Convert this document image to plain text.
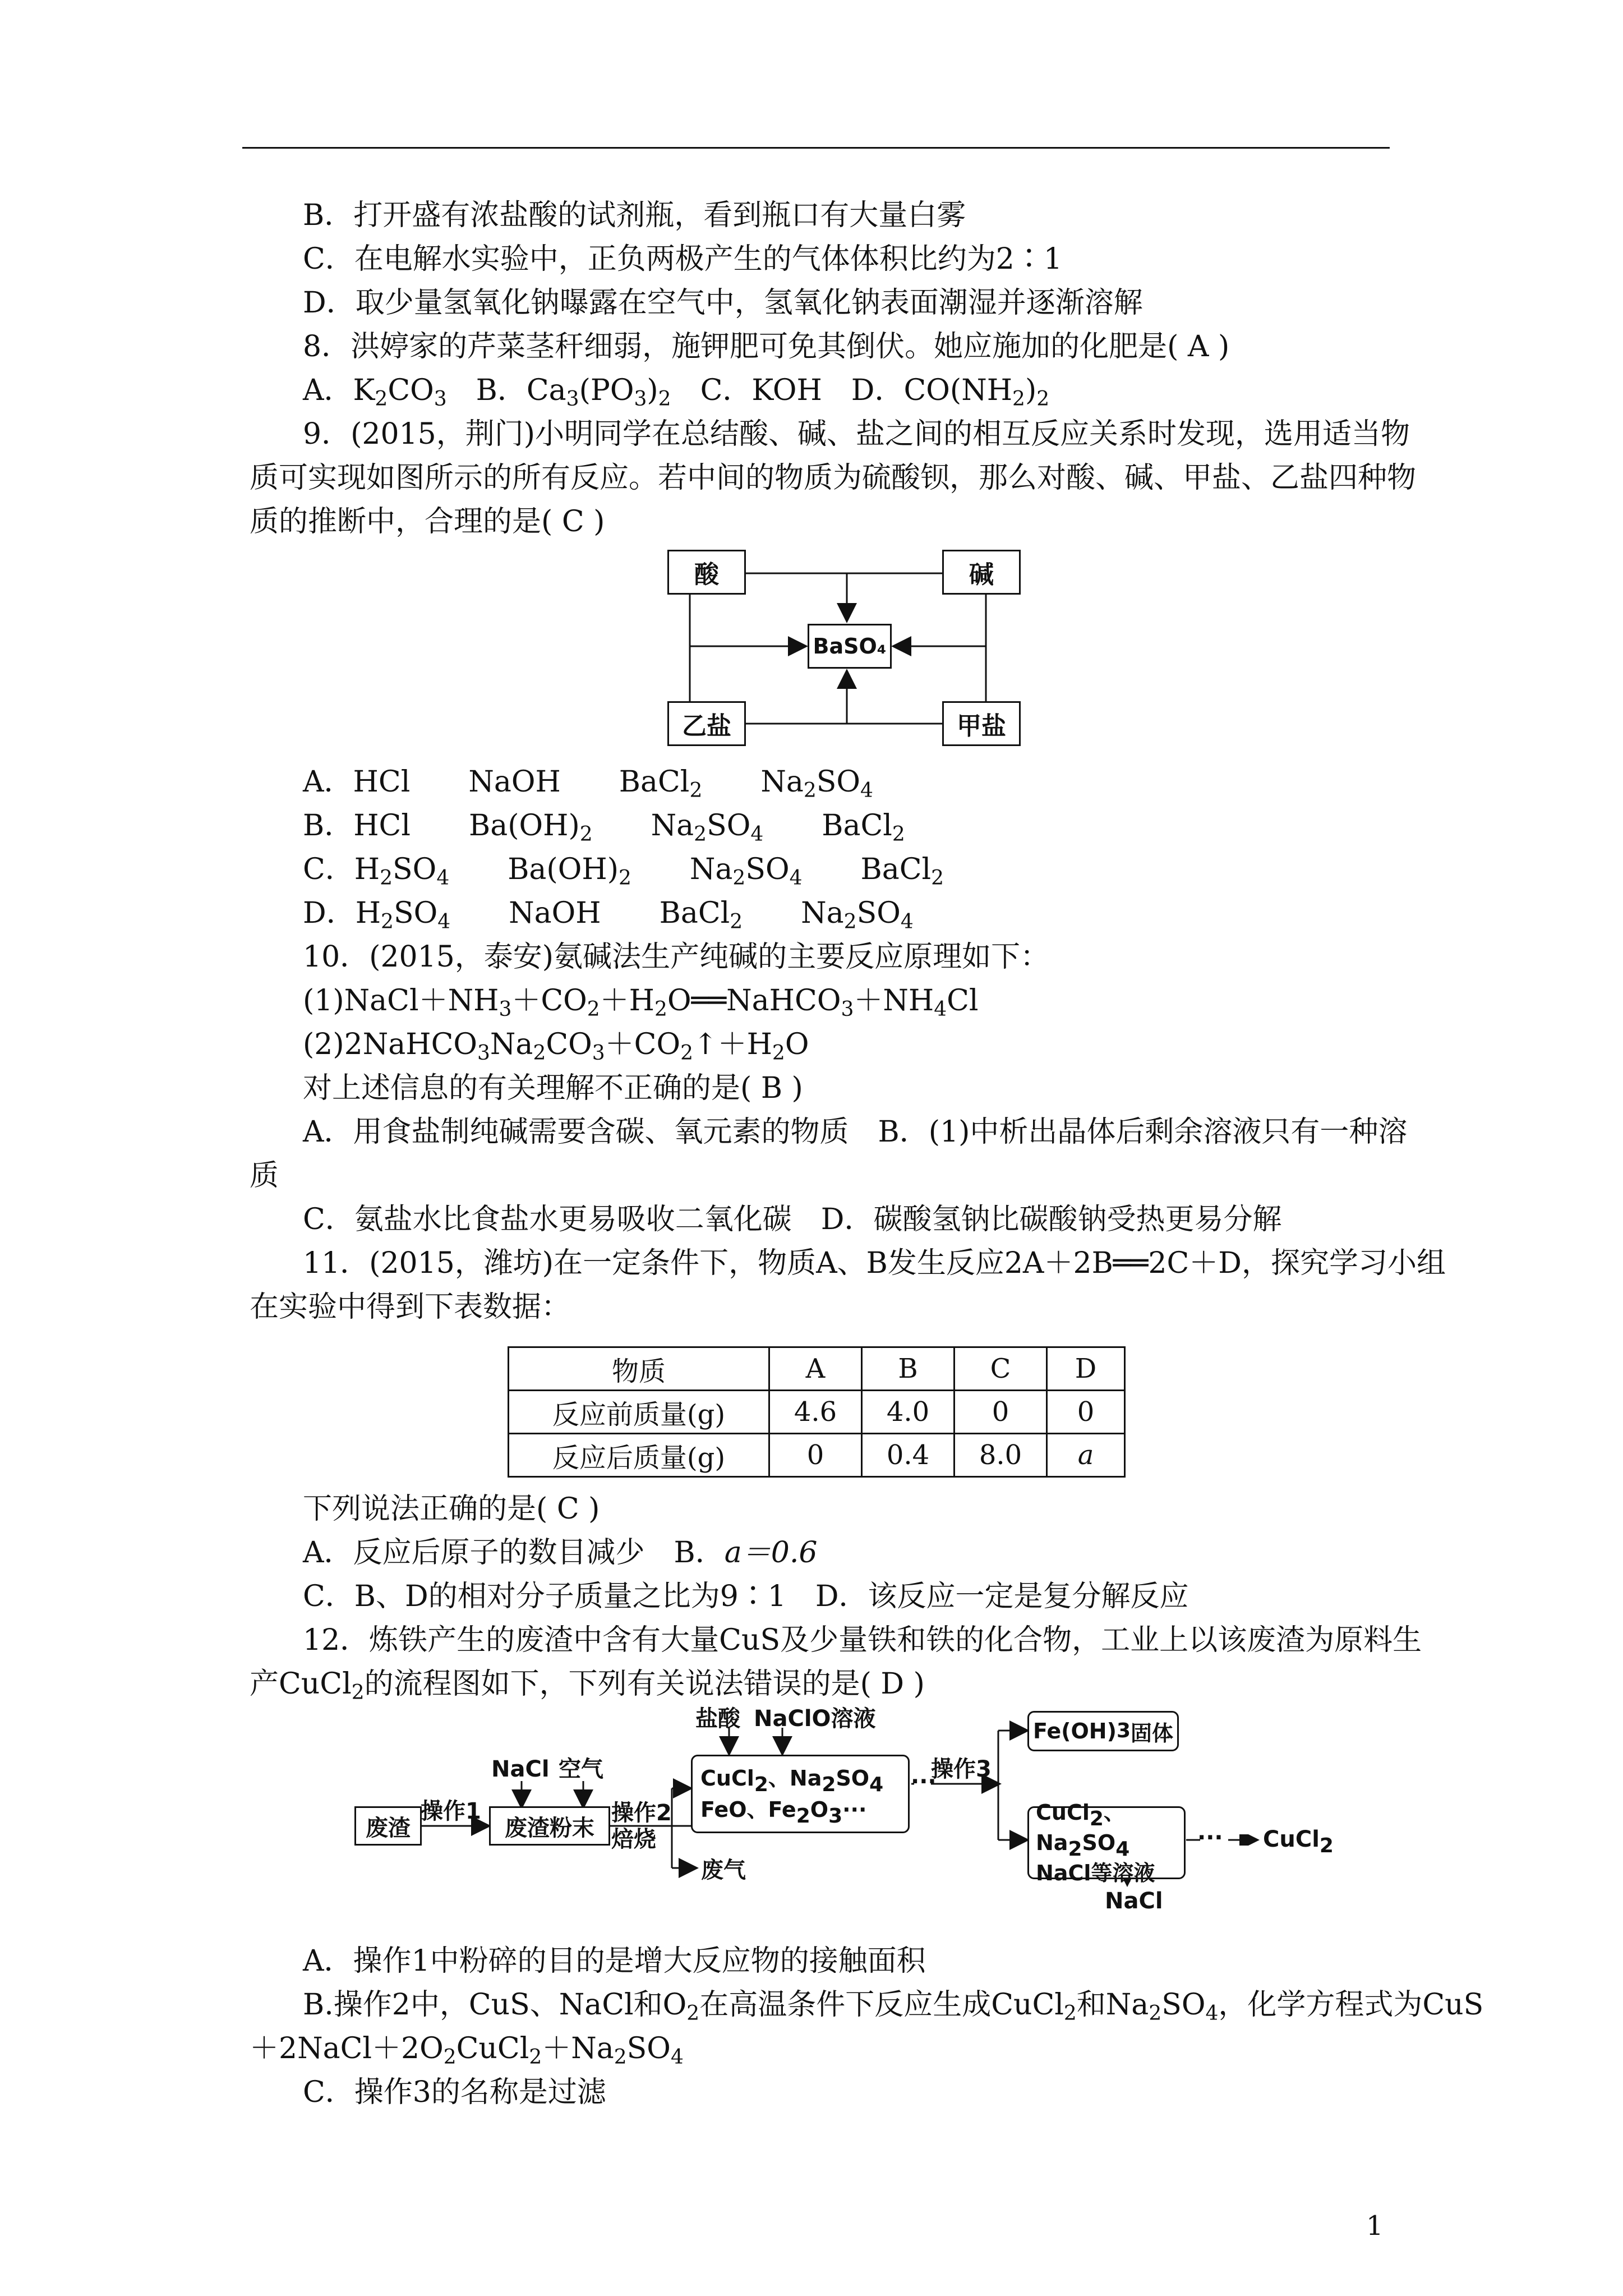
B．打开盛有浓盐酸的试剂瓶，看到瓶口有大量白雾
C．在电解水实验中，正负两极产生的气体体积比约为2∶1
D．取少量氢氧化钠曝露在空气中，氢氧化钠表面潮湿并逐渐溶解
8．洪婷家的芹菜茎秆细弱，施钾肥可免其倒伏。她应施加的化肥是( A )
A．$K_2CO_3$　B．$Ca_3(PO_3)_2$　C．KOH　D．$CO(NH_2)_2$
9．(2015，荆门)小明同学在总结酸、碱、盐之间的相互反应关系时发现，选用适当物
质可实现如图所示的所有反应。若中间的物质为硫酸钡，那么对酸、碱、甲盐、乙盐四种物
质的推断中，合理的是( C )
酸	碱
BaSO₄
乙盐	甲盐
A．HCl　　NaOH　　BaCl$_2$　　$Na_2SO_4$
B．HCl　　$Ba(OH)_2$　　$Na_2SO_4$　　BaCl$_2$
C．$H_2SO_4$　　$Ba(OH)_2$　　$Na_2SO_4$　　BaCl$_2$
D．$H_2SO_4$　　NaOH　　BaCl$_2$　　$Na_2SO_4$
10．(2015，泰安)氨碱法生产纯碱的主要反应原理如下：
$(1)NaCl+NH_3+CO_2+H_2O══NaHCO_3+NH_4Cl$
$(2)2NaHCO_3Na_2CO_3+CO_2↑+H_2O$
对上述信息的有关理解不正确的是( B )
A．用食盐制纯碱需要含碳、氧元素的物质　B．(1)中析出晶体后剩余溶液只有一种溶
质
C．氨盐水比食盐水更易吸收二氧化碳　D．碳酸氢钠比碳酸钠受热更易分解
11．(2015，潍坊)在一定条件下，物质A、B发生反应2A＋2B══2C＋D，探究学习小组
在实验中得到下表数据：
物质	A	B	C	D
反应前质量(g)	4.6	4.0	0	0
反应后质量(g)	0	0.4	8.0	a
下列说法正确的是( C )
A．反应后原子的数目减少　B．a＝0.6
C．B、D的相对分子质量之比为9∶1　D．该反应一定是复分解反应
12．炼铁产生的废渣中含有大量CuS及少量铁和铁的化合物，工业上以该废渣为原料生
产CuCl$_2$的流程图如下，下列有关说法错误的是( D )
废渣
操作1
废渣粉末
NaCl 空气
操作2
焙烧
废气
盐酸 NaClO溶液
CuCl$_2$、$Na_2SO_4$
FeO、$Fe_2O_3\cdot\cdot\cdot$
···
操作3
Fe(OH) 3 固体
CuCl$_2$、$Na_2SO_4$
NaCl等溶液
··· CuCl$_2$
NaCl
A．操作1中粉碎的目的是增大反应物的接触面积
B.操作2中，CuS、NaCl和$O_2$在高温条件下反应生成CuCl$_2$和$Na_2SO_4$，化学方程式为CuS
$+2NaCl+2O_2CuCl_2+Na_2SO_4$
C．操作3的名称是过滤
1
